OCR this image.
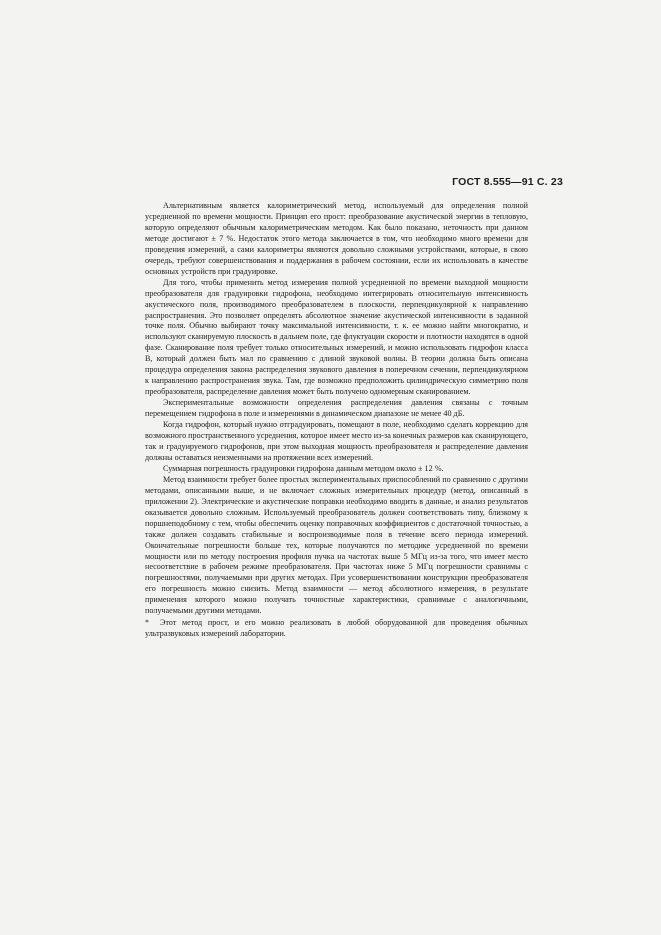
ГОСТ 8.555—91 С. 23

Альтернативным является калориметрический метод, используемый для определения полной усредненной по времени мощности. Принцип его прост: преобразование акустической энергии в тепловую, которую определяют обычным калориметрическим методом. Как было показано, неточность при данном методе достигают ± 7 %. Недостаток этого метода заключается в том, что необходимо много времени для проведения измерений, а сами калориметры являются довольно сложными устройствами, которые, в свою очередь, требуют совершенствования и поддержания в рабочем состоянии, если их использовать в качестве основных устройств при градуировке.

Для того, чтобы применить метод измерения полной усредненной по времени выходной мощности преобразователя для градуировки гидрофона, необходимо интегрировать относительную интенсивность акустического поля, производимого преобразователем в плоскости, перпендикулярной к направлению распространения. Это позволяет определять абсолютное значение акустической интенсивности в заданной точке поля. Обычно выбирают точку максимальной интенсивности, т. к. ее можно найти многократно, и используют сканируемую плоскость в дальнем поле, где флуктуации скорости и плотности находятся в одной фазе. Сканирование поля требует только относительных измерений, и можно использовать гидрофон класса В, который должен быть мал по сравнению с длиной звуковой волны. В теории должна быть описана процедура определения закона распределения звукового давления в поперечном сечении, перпендикулярном к направлению распространения звука. Там, где возможно предположить цилиндрическую симметрию поля преобразователя, распределение давления может быть получено одномерным сканированием.

Экспериментальные возможности определения распределения давления связаны с точным перемещением гидрофона в поле и измерениями в динамическом диапазоне не менее 40 дБ.

Когда гидрофон, который нужно отградуировать, помещают в поле, необходимо сделать коррекцию для возможного пространственного усреднения, которое имеет место из-за конечных размеров как сканирующего, так и градуируемого гидрофонов, при этом выходная мощность преобразователя и распределение давления должны оставаться неизменными на протяжении всех измерений.

Суммарная погрешность градуировки гидрофона данным методом около ± 12 %.

Метод взаимности требует более простых экспериментальных приспособлений по сравнению с другими методами, описанными выше, и не включает сложных измерительных процедур (метод, описанный в приложении 2). Электрические и акустические поправки необходимо вводить в данные, и анализ результатов оказывается довольно сложным. Используемый преобразователь должен соответствовать типу, близкому к поршнеподобному с тем, чтобы обеспечить оценку поправочных коэффициентов с достаточной точностью, а также должен создавать стабильные и воспроизводимые поля в течение всего периода измерений. Окончательные погрешности больше тех, которые получаются по методике усредненной по времени мощности или по методу построения профиля пучка на частотах выше 5 МГц из-за того, что имеет место несоответствие в рабочем режиме преобразователя. При частотах ниже 5 МГц погрешности сравнимы с погрешностями, получаемыми при других методах. При усовершенствовании конструкции преобразователя его погрешность можно снизить. Метод взаимности — метод абсолютного измерения, в результате применения которого можно получать точностные характеристики, сравнимые с аналогичными, получаемыми другими методами.

* Этот метод прост, и его можно реализовать в любой оборудованной для проведения обычных ультразвуковых измерений лаборатории.
